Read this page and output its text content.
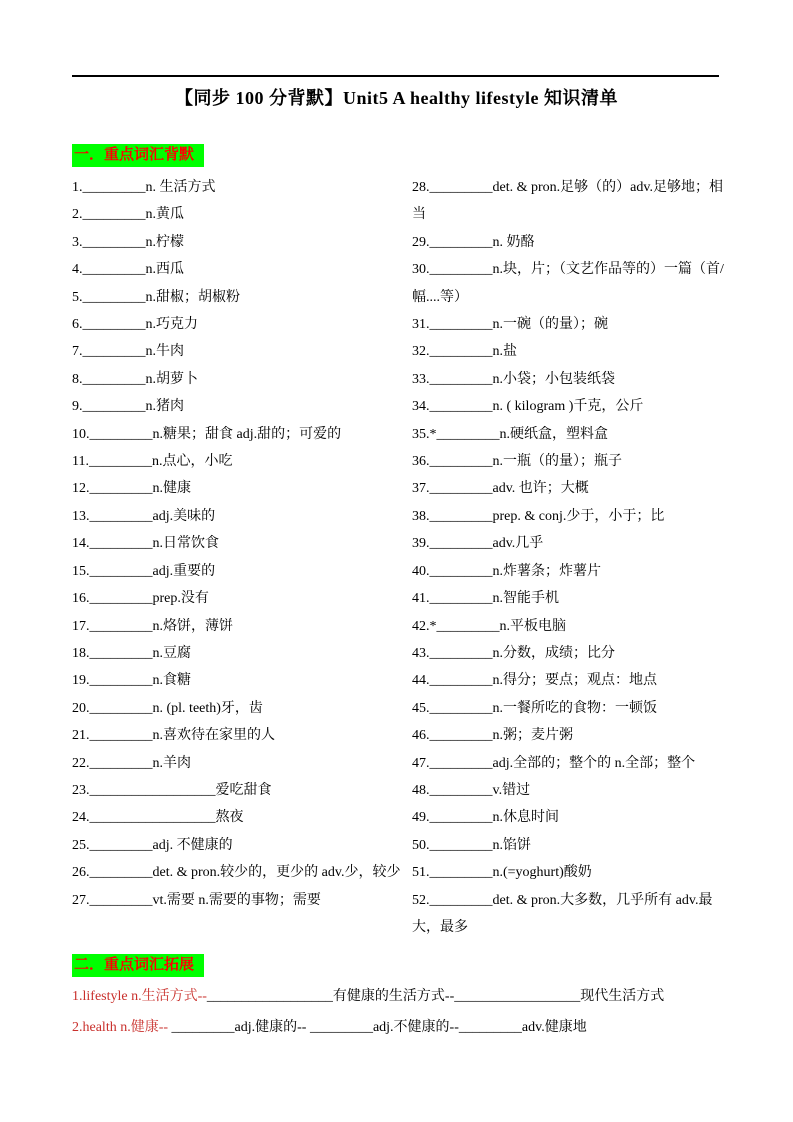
【同步 100 分背默】Unit5 A healthy lifestyle 知识清单
一．重点词汇背默
1._________n. 生活方式
2._________n.黄瓜
3._________n.柠檬
4._________n.西瓜
5._________n.甜椒；胡椒粉
6._________n.巧克力
7._________n.牛肉
8._________n.胡萝卜
9._________n.猪肉
10._________n.糖果；甜食 adj.甜的；可爱的
11._________n.点心，小吃
12._________n.健康
13._________adj.美味的
14._________n.日常饮食
15._________adj.重要的
16._________prep.没有
17._________n.烙饼，薄饼
18._________n.豆腐
19._________n.食糖
20._________n. (pl. teeth)牙，齿
21._________n.喜欢待在家里的人
22._________n.羊肉
23.__________________爱吃甜食
24.__________________熬夜
25._________adj. 不健康的
26._________det. & pron.较少的，更少的 adv.少，较少
27._________vt.需要 n.需要的事物；需要
28._________det. & pron.足够（的）adv.足够地；相当
29._________n. 奶酪
30._________n.块，片；（文艺作品等的）一篇（首/幅....等）
31._________n.一碗（的量）；碗
32._________n.盐
33._________n.小袋；小包装纸袋
34._________n. ( kilogram )千克，公斤
35.*_________n.硬纸盒，塑料盒
36._________n.一瓶（的量）；瓶子
37._________adv. 也许；大概
38._________prep. & conj.少于，小于；比
39._________adv.几乎
40._________n.炸薯条；炸薯片
41._________n.智能手机
42.*_________n.平板电脑
43._________n.分数，成绩；比分
44._________n.得分；要点；观点：地点
45._________n.一餐所吃的食物：一顿饭
46._________n.粥；麦片粥
47._________adj.全部的；整个的 n.全部；整个
48._________v.错过
49._________n.休息时间
50._________n.馅饼
51._________n.(=yoghurt)酸奶
52._________det. & pron.大多数，几乎所有 adv.最大，最多
二．重点词汇拓展
1.lifestyle n.生活方式--__________________有健康的生活方式--__________________现代生活方式
2.health n.健康-- _________adj.健康的-- _________adj.不健康的--_________adv.健康地
